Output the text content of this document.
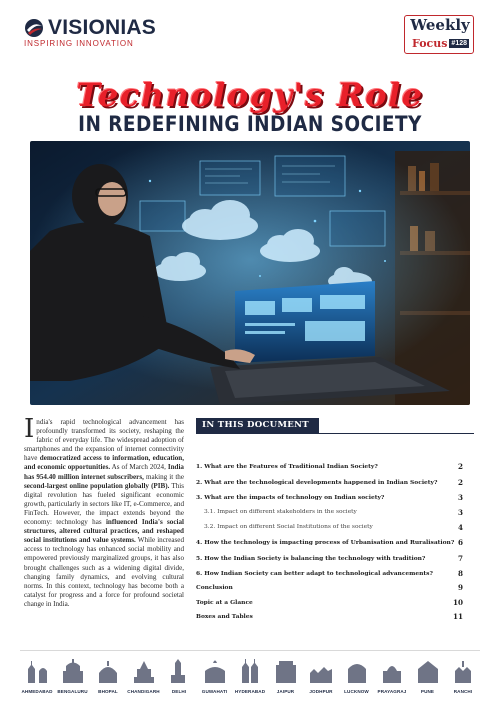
VISIONIAS
INSPIRING INNOVATION
Weekly
Focus #128
Technology's Role
IN REDEFINING INDIAN SOCIETY
India's rapid technological advancement has profoundly transformed its society, reshaping the fabric of everyday life. The widespread adoption of smartphones and the expansion of internet connectivity have democratized access to information, education, and economic opportunities. As of March 2024, India has 954.40 million internet subscribers, making it the second-largest online population globally (PIB). This digital revolution has fueled significant economic growth, particularly in sectors like IT, e-Commerce, and FinTech. However, the impact extends beyond the economy: technology has influenced India's social structures, altered cultural practices, and reshaped social institutions and value systems. While increased access to technology has enhanced social mobility and empowered previously marginalized groups, it has also brought challenges such as a widening digital divide, changing family dynamics, and evolving cultural norms. In this context, technology has become both a catalyst for progress and a force for profound societal change in India.
IN THIS DOCUMENT
1. What are the Features of Traditional Indian Society?	2
2. What are the technological developments happened in Indian Society?	2
3. What are the impacts of technology on Indian society?	3
3.1. Impact on different stakeholders in the society	3
3.2. Impact on different Social Institutions of the society	4
4. How the technology is impacting process of Urbanisation and Ruralisation? 6
5. How the Indian Society is balancing the technology with tradition?	7
6. How Indian Society can better adapt to technological advancements?	8
Conclusion	9
Topic at a Glance	10
Boxes and Tables	11
AHMEDABAD BENGALURU BHOPAL CHANDIGARH	DELHI	GUWAHATI HYDERABAD	JAIPUR	JODHPUR	LUCKNOW PRAYAGRAJ	PUNE	RANCHI
